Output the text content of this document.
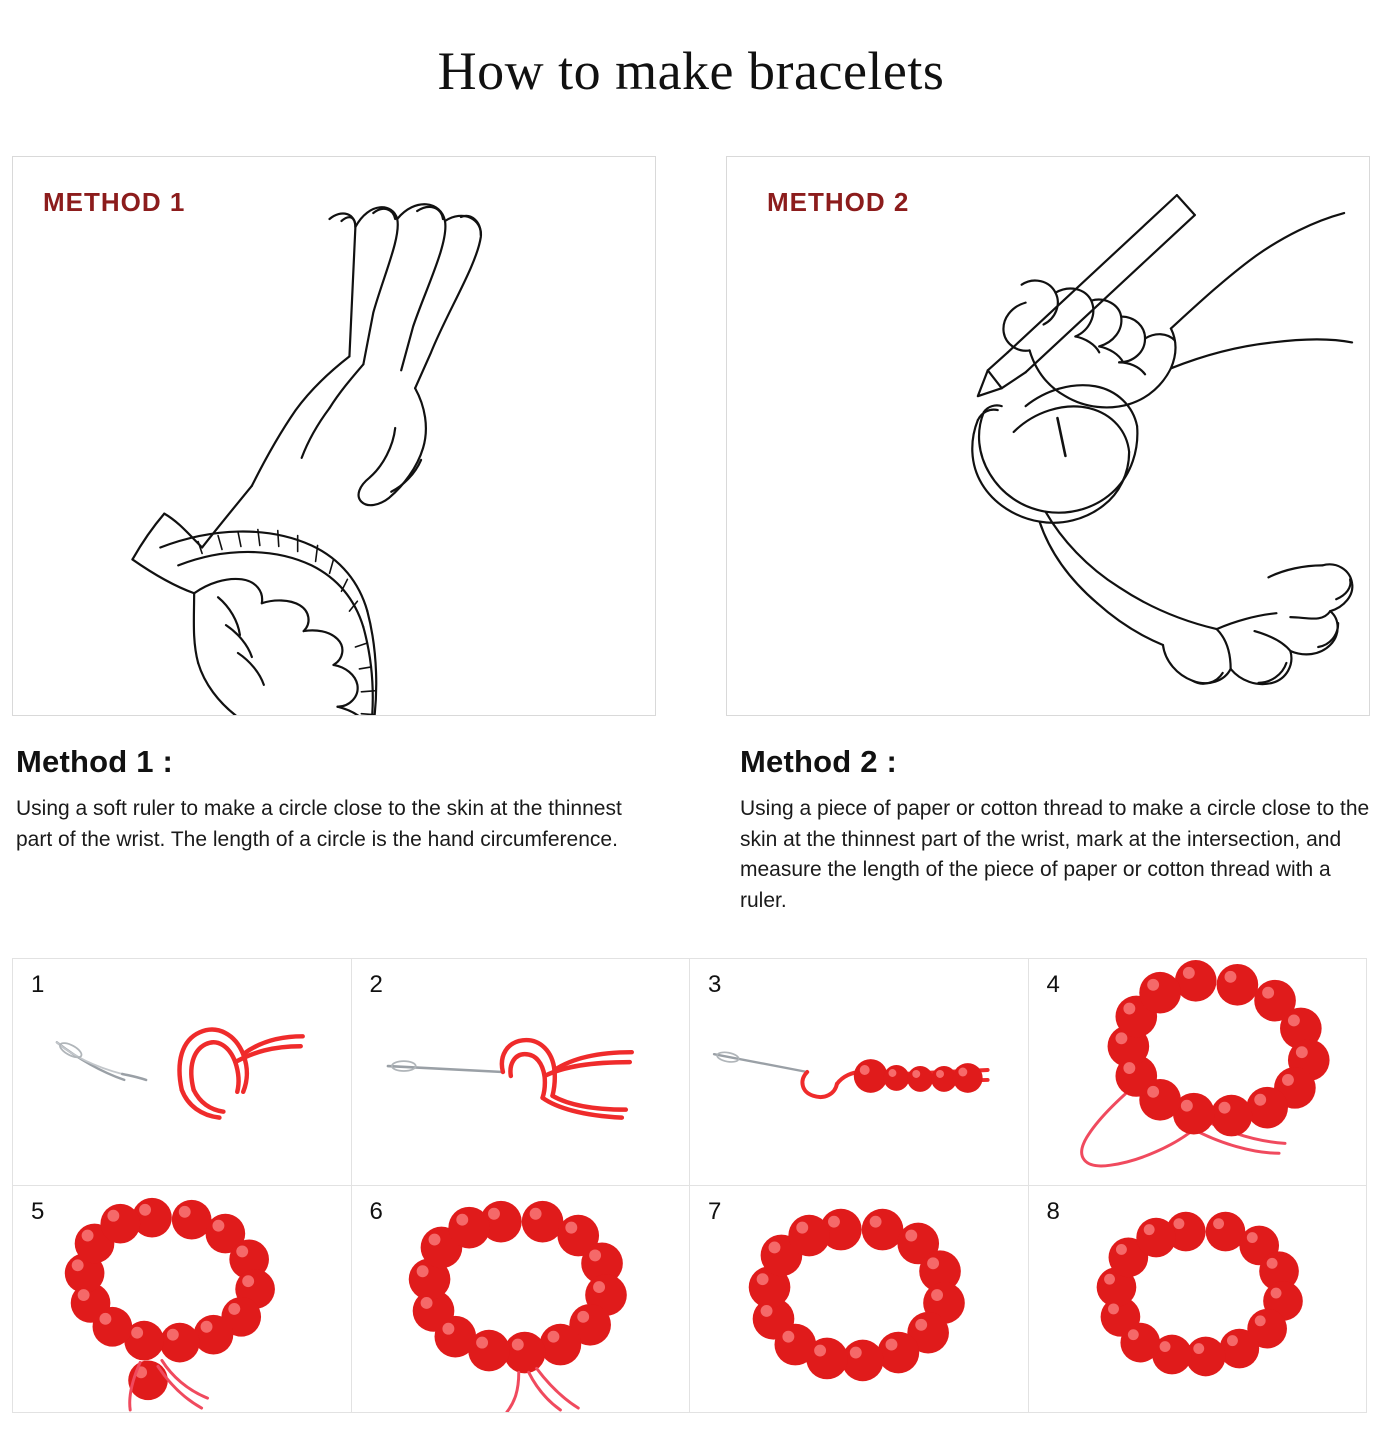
How to make bracelets
METHOD 1
Method 1 :
Using a soft ruler to make a circle close to the skin at the thinnest part of the wrist. The length of a circle is the hand circumference.
METHOD 2
Method 2 :
Using a piece of paper or cotton thread to make a circle close to the skin at the thinnest part of the wrist, mark at the intersection, and measure the length of the piece of paper or cotton thread with a ruler.
1	2	3	4
5	6	7	8
